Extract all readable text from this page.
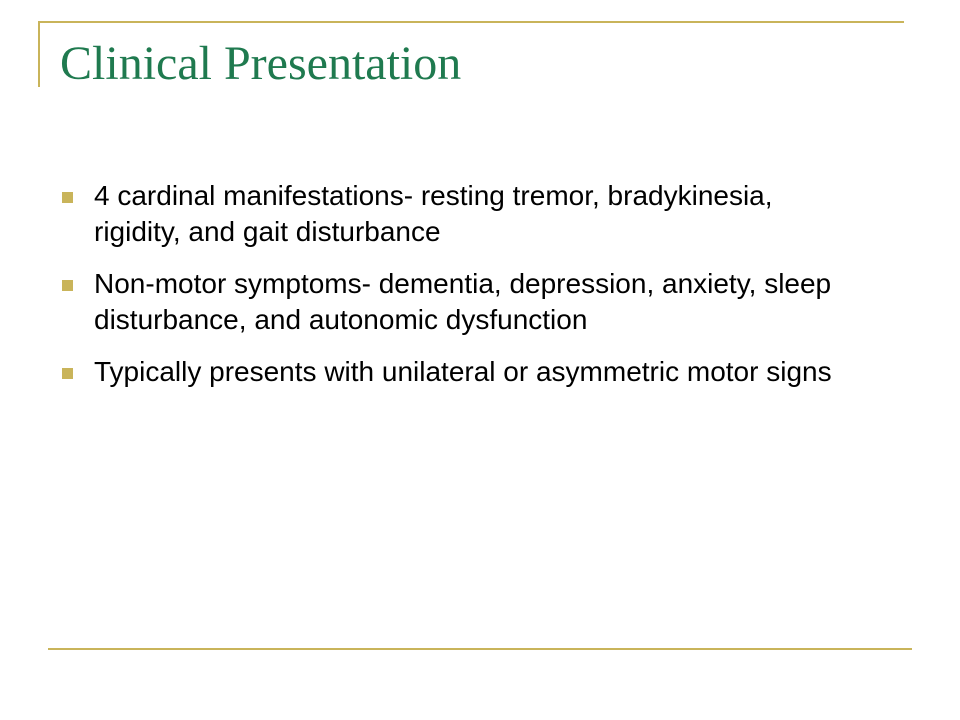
Clinical Presentation
4 cardinal manifestations- resting tremor, bradykinesia, rigidity, and gait disturbance
Non-motor symptoms- dementia, depression, anxiety, sleep disturbance, and autonomic dysfunction
Typically presents with unilateral or asymmetric motor signs
